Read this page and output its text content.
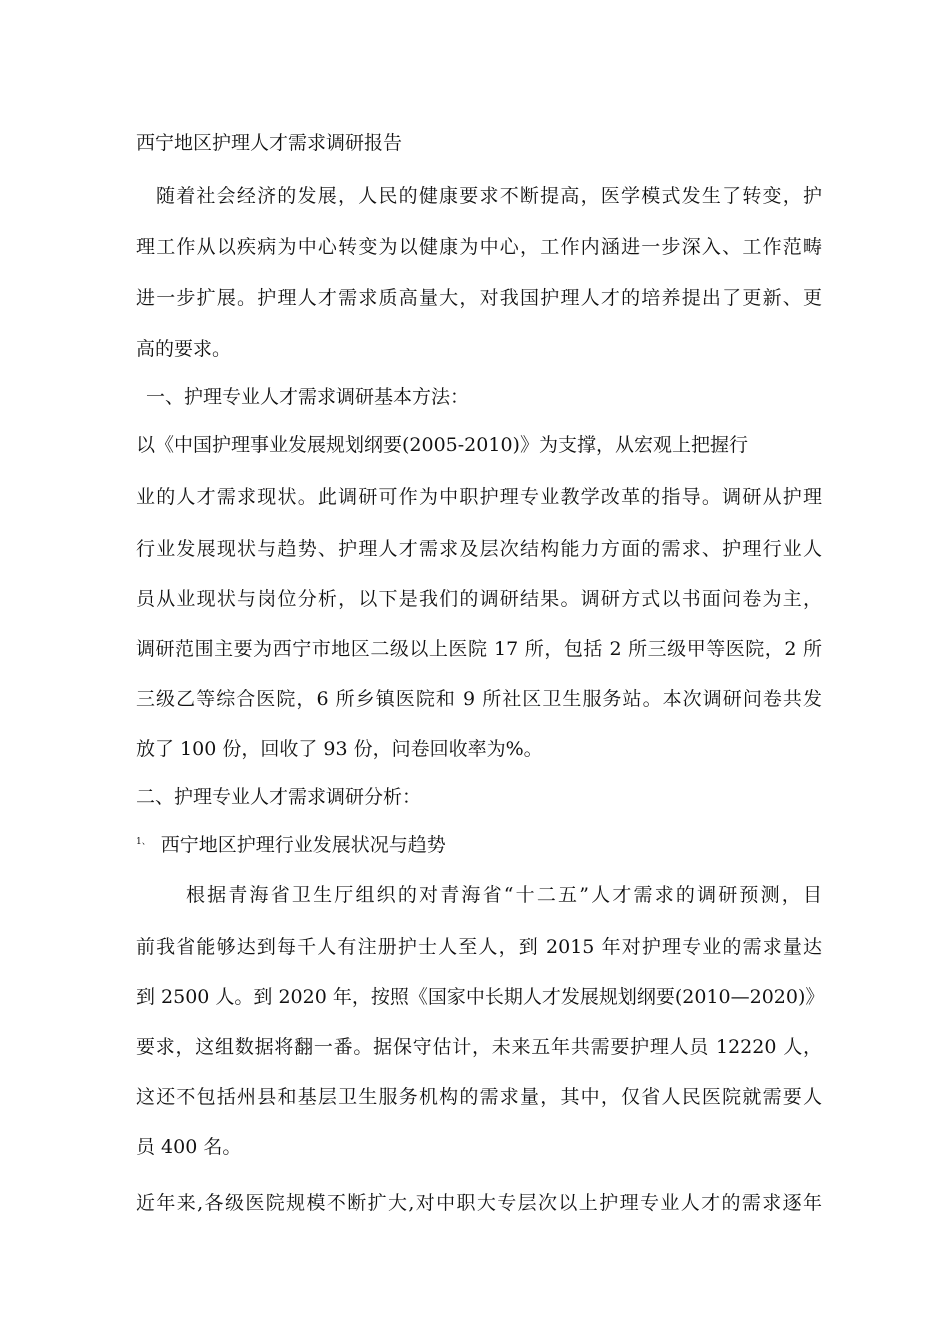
西宁地区护理人才需求调研报告
随着社会经济的发展，人民的健康要求不断提高，医学模式发生了转变，护
理工作从以疾病为中心转变为以健康为中心，工作内涵进一步深入、工作范畴
进一步扩展。护理人才需求质高量大，对我国护理人才的培养提出了更新、更
高的要求。
一、护理专业人才需求调研基本方法：
以《中国护理事业发展规划纲要(2005-2010)》为支撑，从宏观上把握行
业的人才需求现状。此调研可作为中职护理专业教学改革的指导。调研从护理
行业发展现状与趋势、护理人才需求及层次结构能力方面的需求、护理行业人
员从业现状与岗位分析，以下是我们的调研结果。调研方式以书面问卷为主，
调研范围主要为西宁市地区二级以上医院 17 所，包括 2 所三级甲等医院，2 所
三级乙等综合医院，6 所乡镇医院和 9 所社区卫生服务站。本次调研问卷共发
放了 100 份，回收了 93 份，问卷回收率为%。
二、护理专业人才需求调研分析：
$^{1、}$ 西宁地区护理行业发展状况与趋势
根据青海省卫生厅组织的对青海省“十二五”人才需求的调研预测，目
前我省能够达到每千人有注册护士人至人，到 2015 年对护理专业的需求量达
到 2500 人。到 2020 年，按照《国家中长期人才发展规划纲要(2010—2020)》
要求，这组数据将翻一番。据保守估计，未来五年共需要护理人员 12220 人，
这还不包括州县和基层卫生服务机构的需求量，其中，仅省人民医院就需要人
员 400 名。
近年来,各级医院规模不断扩大,对中职大专层次以上护理专业人才的需求逐年
